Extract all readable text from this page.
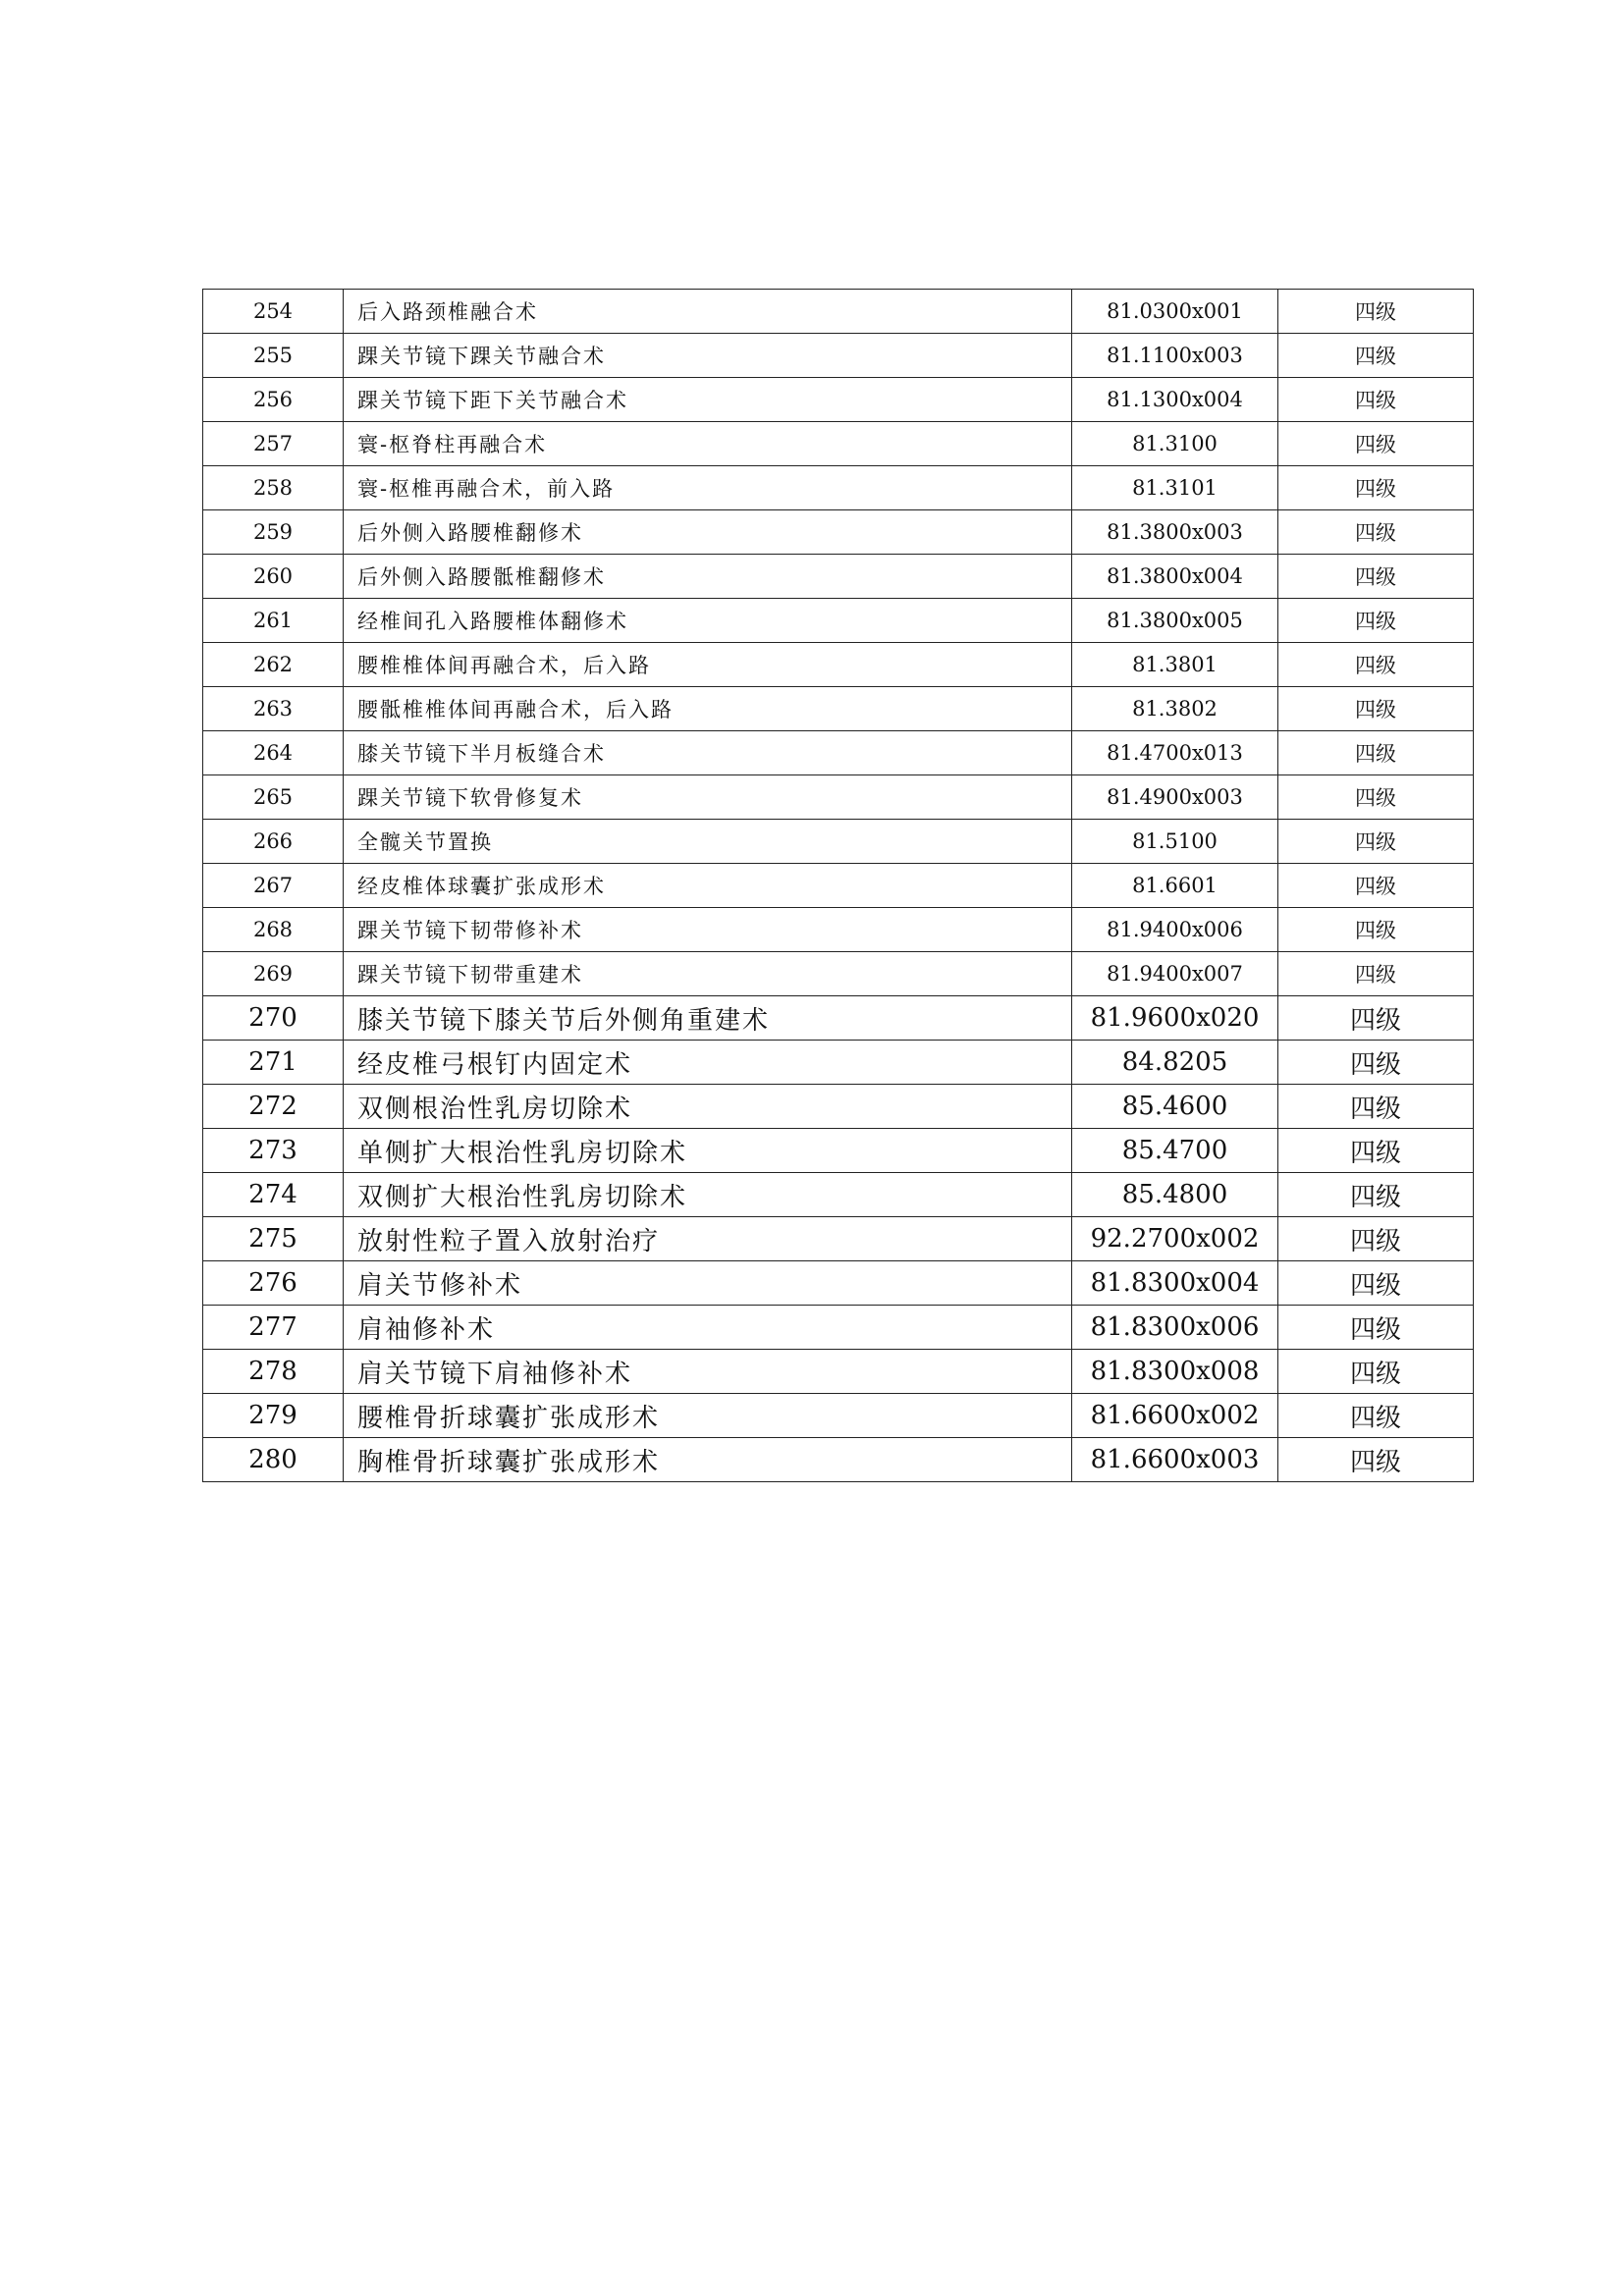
254	后入路颈椎融合术	81.0300x001	四级
255	踝关节镜下踝关节融合术	81.1100x003	四级
256	踝关节镜下距下关节融合术	81.1300x004	四级
257	寰-枢脊柱再融合术	81.3100	四级
258	寰-枢椎再融合术，前入路	81.3101	四级
259	后外侧入路腰椎翻修术	81.3800x003	四级
260	后外侧入路腰骶椎翻修术	81.3800x004	四级
261	经椎间孔入路腰椎体翻修术	81.3800x005	四级
262	腰椎椎体间再融合术，后入路	81.3801	四级
263	腰骶椎椎体间再融合术，后入路	81.3802	四级
264	膝关节镜下半月板缝合术	81.4700x013	四级
265	踝关节镜下软骨修复术	81.4900x003	四级
266	全髋关节置换	81.5100	四级
267	经皮椎体球囊扩张成形术	81.6601	四级
268	踝关节镜下韧带修补术	81.9400x006	四级
269	踝关节镜下韧带重建术	81.9400x007	四级
270	膝关节镜下膝关节后外侧角重建术	81.9600x020	四级
271	经皮椎弓根钉内固定术	84.8205	四级
272	双侧根治性乳房切除术	85.4600	四级
273	单侧扩大根治性乳房切除术	85.4700	四级
274	双侧扩大根治性乳房切除术	85.4800	四级
275	放射性粒子置入放射治疗	92.2700x002	四级
276	肩关节修补术	81.8300x004	四级
277	肩袖修补术	81.8300x006	四级
278	肩关节镜下肩袖修补术	81.8300x008	四级
279	腰椎骨折球囊扩张成形术	81.6600x002	四级
280	胸椎骨折球囊扩张成形术	81.6600x003	四级
